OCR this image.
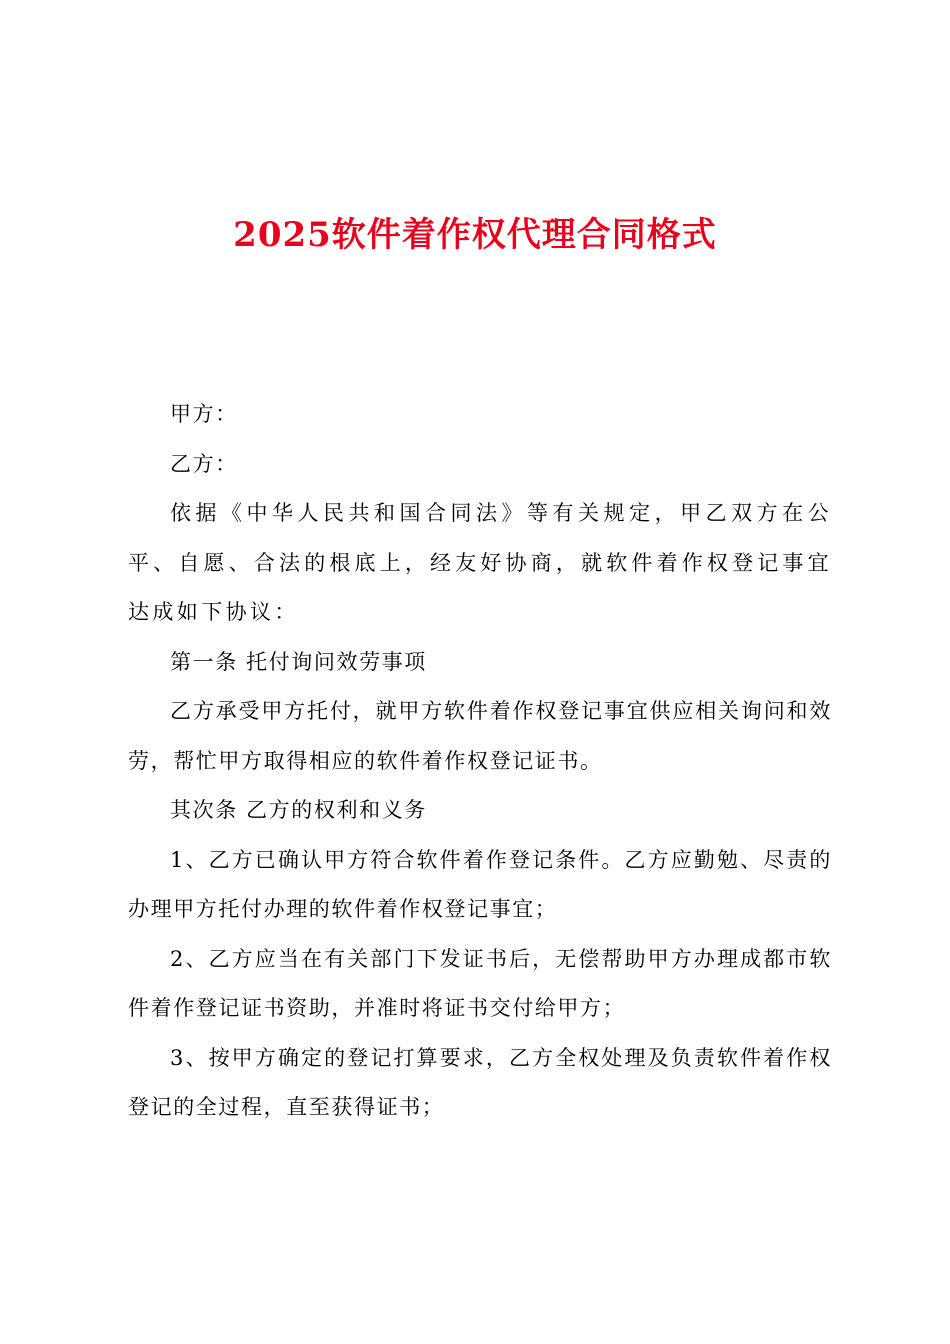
2025软件着作权代理合同格式

甲方：

乙方：

依据《中华人民共和国合同法》等有关规定，甲乙双方在公平、自愿、合法的根底上，经友好协商，就软件着作权登记事宜达成如下协议：

第一条 托付询问效劳事项

乙方承受甲方托付，就甲方软件着作权登记事宜供应相关询问和效劳，帮忙甲方取得相应的软件着作权登记证书。

其次条 乙方的权利和义务

1、乙方已确认甲方符合软件着作登记条件。乙方应勤勉、尽责的办理甲方托付办理的软件着作权登记事宜；

2、乙方应当在有关部门下发证书后，无偿帮助甲方办理成都市软件着作登记证书资助，并准时将证书交付给甲方；

3、按甲方确定的登记打算要求，乙方全权处理及负责软件着作权登记的全过程，直至获得证书；
